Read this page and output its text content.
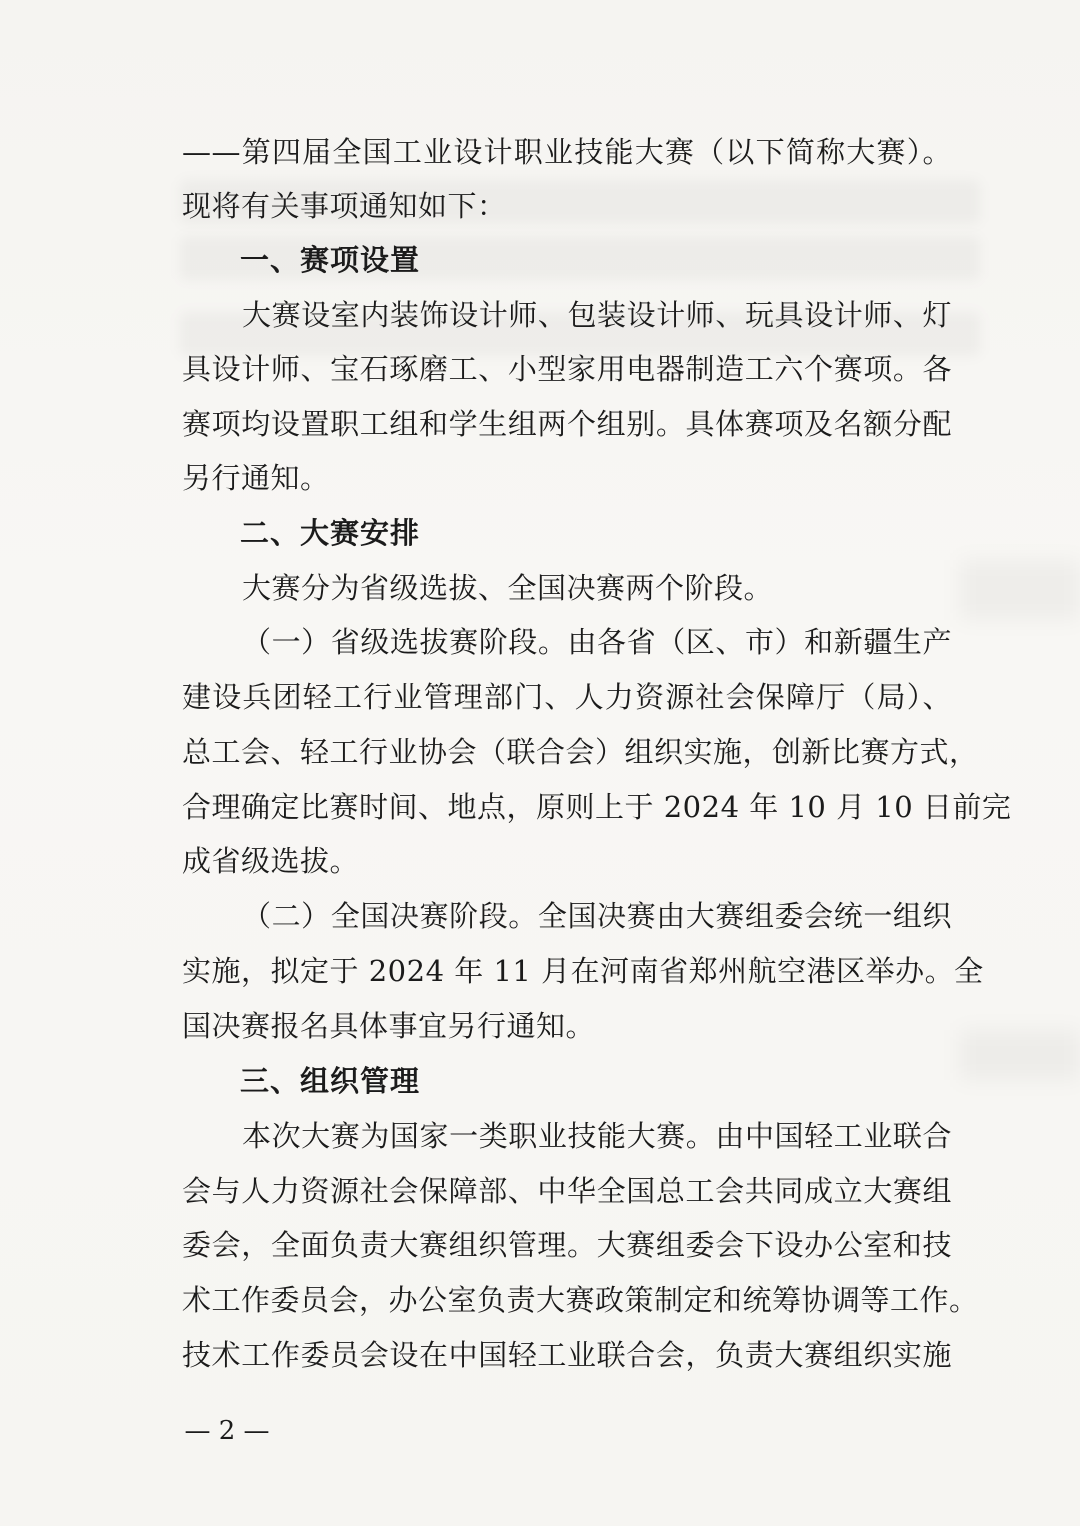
——第四届全国工业设计职业技能大赛（以下简称大赛）。

现将有关事项通知如下：

一、赛项设置

大赛设室内装饰设计师、包装设计师、玩具设计师、灯

具设计师、宝石琢磨工、小型家用电器制造工六个赛项。各

赛项均设置职工组和学生组两个组别。具体赛项及名额分配

另行通知。

二、大赛安排

大赛分为省级选拔、全国决赛两个阶段。

（一）省级选拔赛阶段。由各省（区、市）和新疆生产

建设兵团轻工行业管理部门、人力资源社会保障厅（局）、

总工会、轻工行业协会（联合会）组织实施，创新比赛方式，

合理确定比赛时间、地点，原则上于 2024 年 10 月 10 日前完

成省级选拔。

（二）全国决赛阶段。全国决赛由大赛组委会统一组织

实施，拟定于 2024 年 11 月在河南省郑州航空港区举办。全

国决赛报名具体事宜另行通知。

三、组织管理

本次大赛为国家一类职业技能大赛。由中国轻工业联合

会与人力资源社会保障部、中华全国总工会共同成立大赛组

委会，全面负责大赛组织管理。大赛组委会下设办公室和技

术工作委员会，办公室负责大赛政策制定和统筹协调等工作。

技术工作委员会设在中国轻工业联合会，负责大赛组织实施

— 2 —
